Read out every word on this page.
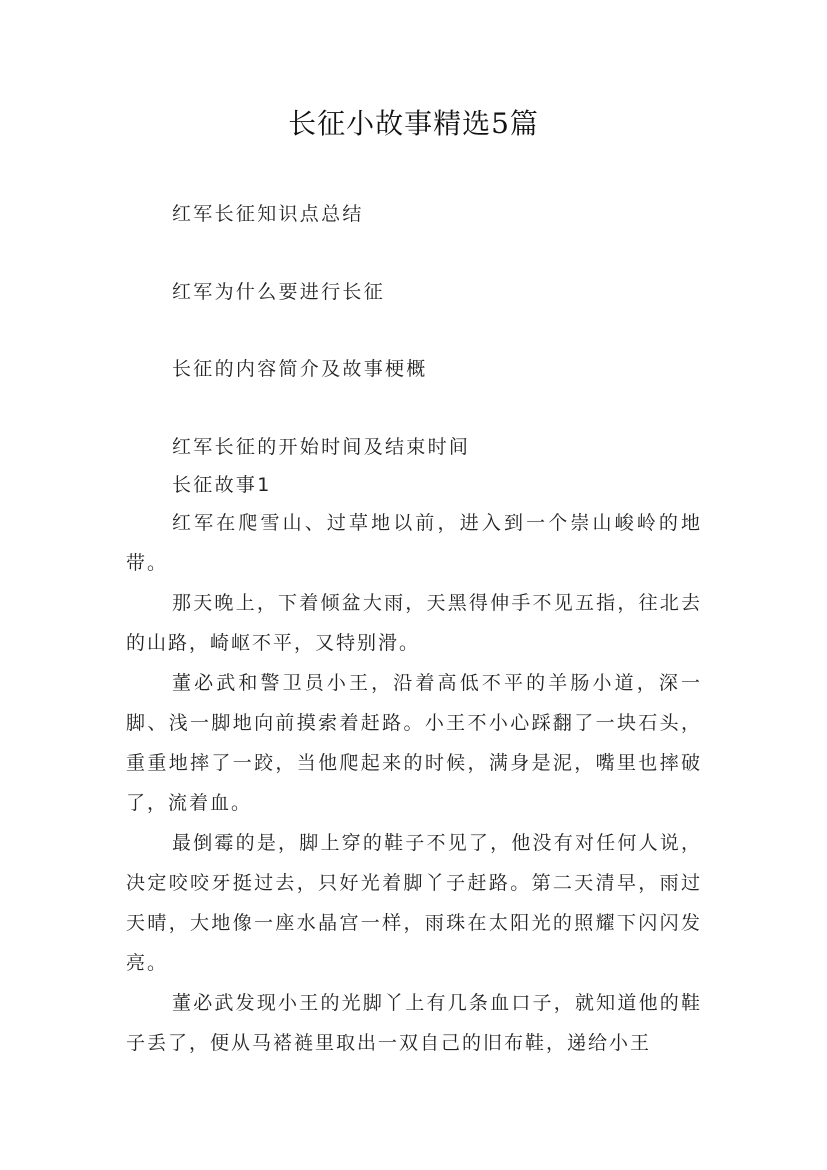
长征小故事精选5篇
红军长征知识点总结
红军为什么要进行长征
长征的内容简介及故事梗概
红军长征的开始时间及结束时间
长征故事1

红军在爬雪山、过草地以前，进入到一个崇山峻岭的地带。

那天晚上，下着倾盆大雨，天黑得伸手不见五指，往北去的山路，崎岖不平，又特别滑。

董必武和警卫员小王，沿着高低不平的羊肠小道，深一脚、浅一脚地向前摸索着赶路。小王不小心踩翻了一块石头，重重地摔了一跤，当他爬起来的时候，满身是泥，嘴里也摔破了，流着血。

最倒霉的是，脚上穿的鞋子不见了，他没有对任何人说，决定咬咬牙挺过去，只好光着脚丫子赶路。第二天清早，雨过天晴，大地像一座水晶宫一样，雨珠在太阳光的照耀下闪闪发亮。

董必武发现小王的光脚丫上有几条血口子，就知道他的鞋子丢了，便从马褡裢里取出一双自己的旧布鞋，递给小王
